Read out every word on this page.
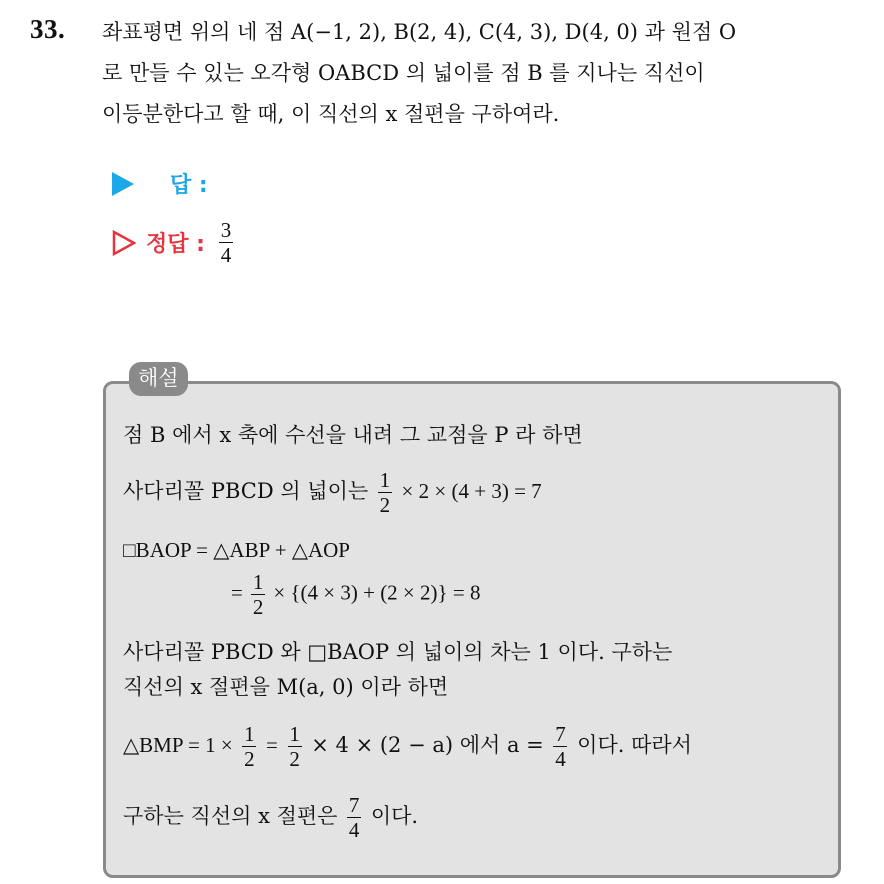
33. 좌표평면 위의 네 점 A(−1, 2), B(2, 4), C(4, 3), D(4, 0) 과 원점 O
로 만들 수 있는 오각형 OABCD 의 넓이를 점 B 를 지나는 직선이
이등분한다고 할 때, 이 직선의 x 절편을 구하여라.
답 :
정답 : $\frac{3}{4}$
해설
점 B 에서 x 축에 수선을 내려 그 교점을 P 라 하면
사다리꼴 PBCD 의 넓이는 $\frac{1}{2} \times 2 \times (4 + 3) = 7$
□BAOP = △ABP + △AOP
= $\frac{1}{2} \times \{(4 \times 3) + (2 \times 2)\} = 8$
사다리꼴 PBCD 와 □BAOP 의 넓이의 차는 1 이다. 구하는
직선의 x 절편을 M(a, 0) 이라 하면
△BMP = $1 \times \frac{1}{2} = \frac{1}{2} \times 4 \times (2 - a)$ 에서 $a = \frac{7}{4}$ 이다. 따라서
구하는 직선의 x 절편은 $\frac{7}{4}$ 이다.
